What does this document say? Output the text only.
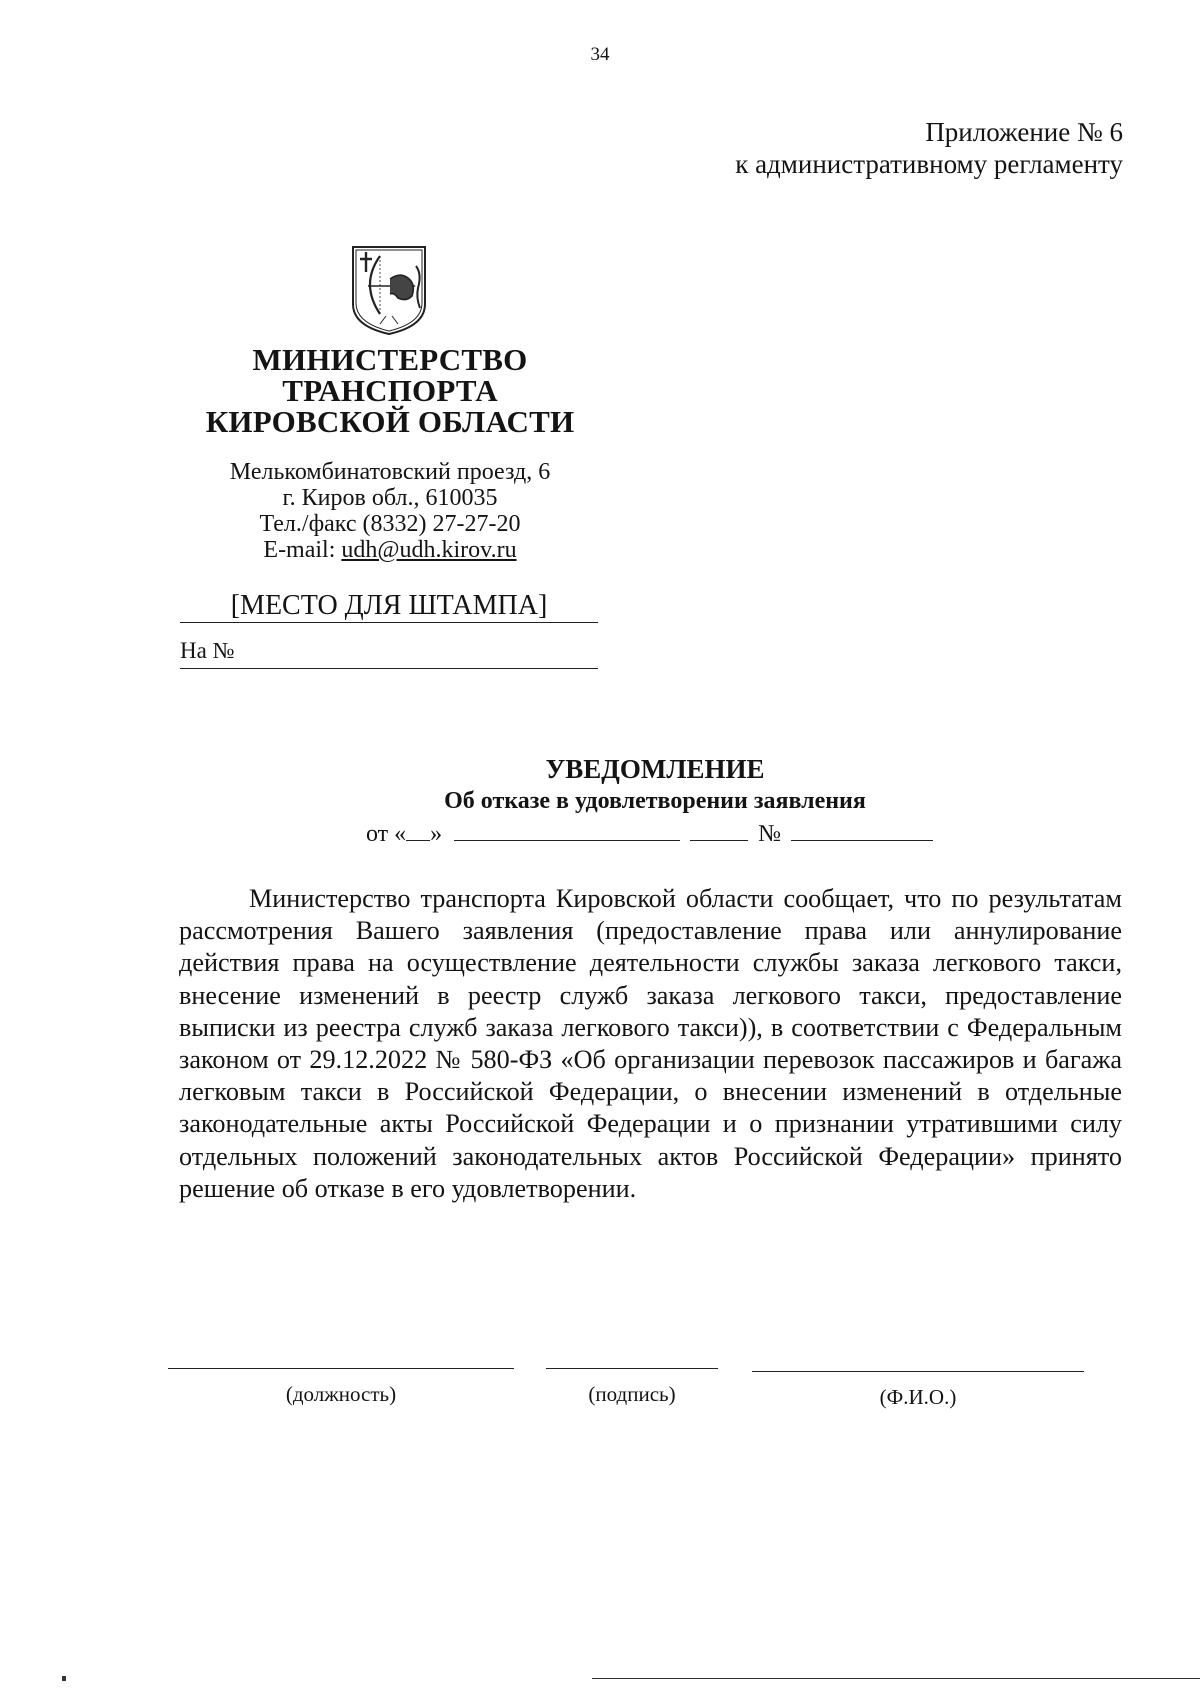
34
Приложение № 6
к административному регламенту
МИНИСТЕРСТВО
ТРАНСПОРТА
КИРОВСКОЙ ОБЛАСТИ
Мелькомбинатовский проезд, 6
г. Киров обл., 610035
Тел./факс (8332) 27-27-20
E-mail: udh@udh.kirov.ru
[МЕСТО ДЛЯ ШТАМПА]
На №
УВЕДОМЛЕНИЕ
Об отказе в удовлетворении заявления
от « »	№

Министерство транспорта Кировской области сообщает, что по результатам рассмотрения Вашего заявления (предоставление права или аннулирование действия права на осуществление деятельности службы заказа легкового такси, внесение изменений в реестр служб заказа легкового такси, предоставление выписки из реестра служб заказа легкового такси)), в соответствии с Федеральным законом от 29.12.2022 № 580-ФЗ «Об организации перевозок пассажиров и багажа легковым такси в Российской Федерации, о внесении изменений в отдельные законодательные акты Российской Федерации и о признании утратившими силу отдельных положений законодательных актов Российской Федерации» принято решение об отказе в его удовлетворении.

(должность)	(подпись)	(Ф.И.О.)
